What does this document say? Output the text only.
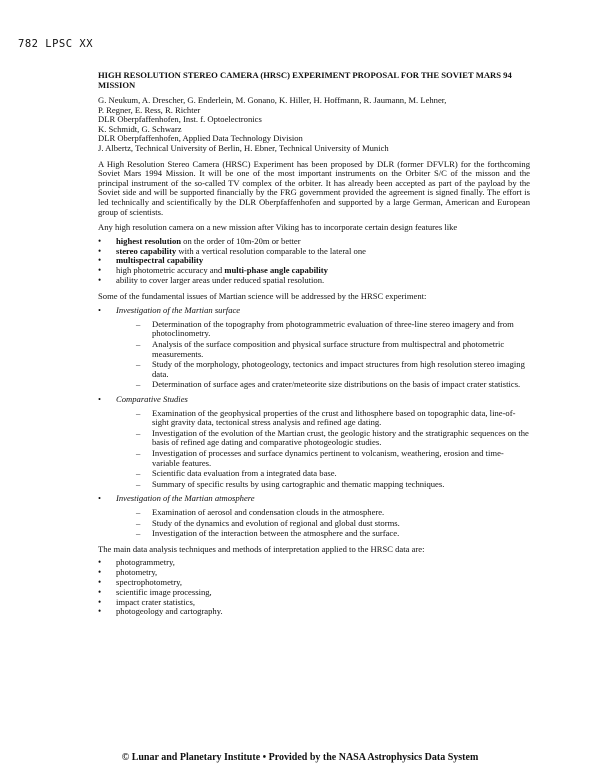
782 LPSC XX
HIGH RESOLUTION STEREO CAMERA (HRSC) EXPERIMENT PROPOSAL FOR THE SOVIET MARS 94 MISSION
G. Neukum, A. Drescher, G. Enderlein, M. Gonano, K. Hiller, H. Hoffmann, R. Jaumann, M. Lehner,
P. Regner, E. Ress, R. Richter
DLR Oberpfaffenhofen, Inst. f. Optoelectronics
K. Schmidt, G. Schwarz
DLR Oberpfaffenhofen, Applied Data Technology Division
J. Albertz, Technical University of Berlin, H. Ebner, Technical University of Munich

A High Resolution Stereo Camera (HRSC) Experiment has been proposed by DLR (former DFVLR) for the forthcoming Soviet Mars 1994 Mission. It will be one of the most important instruments on the Orbiter S/C of the misson and the principal instrument of the so-called TV complex of the orbiter. It has already been accepted as part of the payload by the Soviet side and will be supported financially by the FRG government provided the agreement is signed finally. The effort is led technically and scientifically by the DLR Oberpfaffenhofen and supported by a large German, American and European group of scientists.

Any high resolution camera on a new mission after Viking has to incorporate certain design features like

• highest resolution on the order of 10m-20m or better
• stereo capability with a vertical resolution comparable to the lateral one
• multispectral capability
• high photometric accuracy and multi-phase angle capability
• ability to cover larger areas under reduced spatial resolution.

Some of the fundamental issues of Martian science will be addressed by the HRSC experiment:

• Investigation of the Martian surface
– Determination of the topography from photogrammetric evaluation of three-line stereo imagery and from photoclinometry.
– Analysis of the surface composition and physical surface structure from multispectral and photometric measurements.
– Study of the morphology, photogeology, tectonics and impact structures from high resolution stereo imaging data.
– Determination of surface ages and crater/meteorite size distributions on the basis of impact crater statistics.
• Comparative Studies
– Examination of the geophysical properties of the crust and lithosphere based on topographic data, line-of-sight gravity data, tectonical stress analysis and refined age dating.
– Investigation of the evolution of the Martian crust, the geologic history and the stratigraphic sequences on the basis of refined age dating and comparative photogeologic studies.
– Investigation of processes and surface dynamics pertinent to volcanism, weathering, erosion and time-variable features.
– Scientific data evaluation from a integrated data base.
– Summary of specific results by using cartographic and thematic mapping techniques.
• Investigation of the Martian atmosphere
– Examination of aerosol and condensation clouds in the atmosphere.
– Study of the dynamics and evolution of regional and global dust storms.
– Investigation of the interaction between the atmosphere and the surface.

The main data analysis techniques and methods of interpretation applied to the HRSC data are:

• photogrammetry,
• photometry,
• spectrophotometry,
• scientific image processing,
• impact crater statistics,
• photogeology and cartography.
© Lunar and Planetary Institute • Provided by the NASA Astrophysics Data System
